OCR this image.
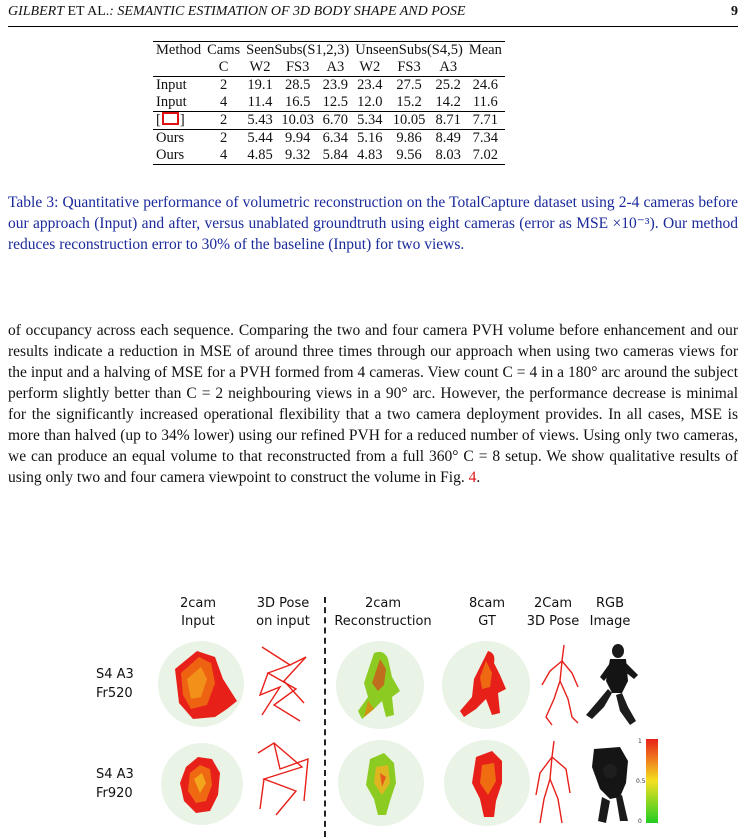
GILBERT ET AL.: SEMANTIC ESTIMATION OF 3D BODY SHAPE AND POSE	9
Method	Cams	SeenSubs(S1,2,3)			UnseenSubs(S4,5)			Mean
	C	W2	FS3	A3	W2	FS3	A3	
Input	2	19.1	28.5	23.9	23.4	27.5	25.2	24.6
Input	4	11.4	16.5	12.5	12.0	15.2	14.2	11.6
[ ]	2	5.43	10.03	6.70	5.34	10.05	8.71	7.71
Ours	2	5.44	9.94	6.34	5.16	9.86	8.49	7.34
Ours	4	4.85	9.32	5.84	4.83	9.56	8.03	7.02
Table 3: Quantitative performance of volumetric reconstruction on the TotalCapture dataset using 2-4 cameras before our approach (Input) and after, versus unablated groundtruth using eight cameras (error as MSE ×10⁻³). Our method reduces reconstruction error to 30% of the baseline (Input) for two views.
of occupancy across each sequence. Comparing the two and four camera PVH volume before enhancement and our results indicate a reduction in MSE of around three times through our approach when using two cameras views for the input and a halving of MSE for a PVH formed from 4 cameras. View count C = 4 in a 180° arc around the subject perform slightly better than C = 2 neighbouring views in a 90° arc. However, the performance decrease is minimal for the significantly increased operational flexibility that a two camera deployment provides. In all cases, MSE is more than halved (up to 34% lower) using our refined PVH for a reduced number of views. Using only two cameras, we can produce an equal volume to that reconstructed from a full 360° C = 8 setup. We show qualitative results of using only two and four camera viewpoint to construct the volume in Fig. 4.
2cam
Input
3D Pose
on input
2cam
Reconstruction
8cam
GT
2Cam
3D Pose
RGB
Image
S4 A3
Fr520
S4 A3
Fr920
1
0.5
0
